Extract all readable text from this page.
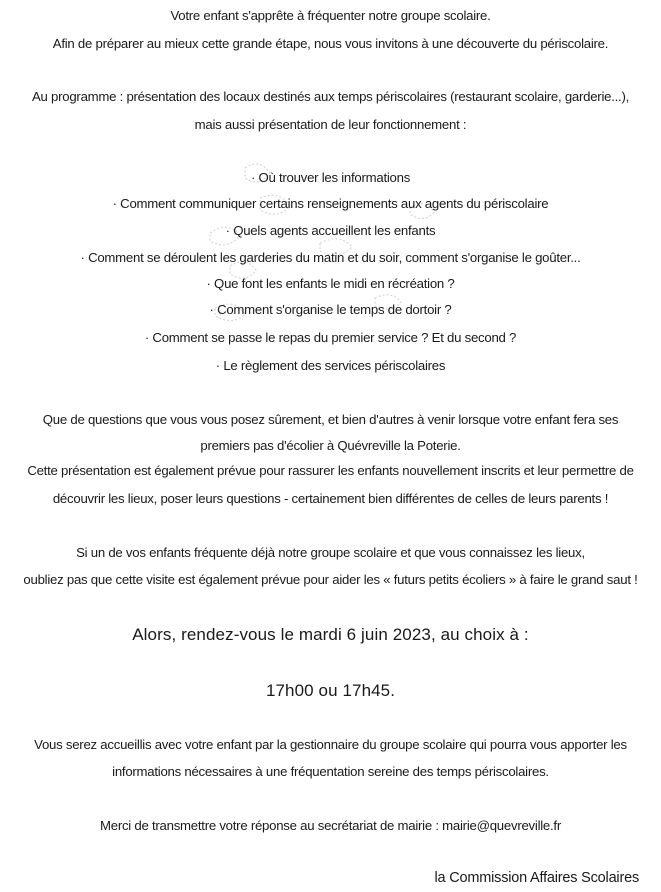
Votre enfant s'apprête à fréquenter notre groupe scolaire.
Afin de préparer au mieux cette grande étape, nous vous invitons à une découverte du périscolaire.
Au programme : présentation des locaux destinés aux temps périscolaires (restaurant scolaire, garderie...),
mais aussi présentation de leur fonctionnement :
· Où trouver les informations
· Comment communiquer certains renseignements aux agents du périscolaire
· Quels agents accueillent les enfants
· Comment se déroulent les garderies du matin et du soir, comment s'organise le goûter...
· Que font les enfants le midi en récréation ?
· Comment s'organise le temps de dortoir ?
· Comment se passe le repas du premier service ? Et du second ?
· Le règlement des services périscolaires
Que de questions que vous vous posez sûrement, et bien d'autres à venir lorsque votre enfant fera ses
premiers pas d'écolier à Quévreville la Poterie.
Cette présentation est également prévue pour rassurer les enfants nouvellement inscrits et leur permettre de
découvrir les lieux, poser leurs questions - certainement bien différentes de celles de leurs parents !
Si un de vos enfants fréquente déjà notre groupe scolaire et que vous connaissez les lieux,
oubliez pas que cette visite est également prévue pour aider les « futurs petits écoliers » à faire le grand saut !
Alors, rendez-vous le mardi 6 juin 2023, au choix à :
17h00 ou 17h45.
Vous serez accueillis avec votre enfant par la gestionnaire du groupe scolaire qui pourra vous apporter les
informations nécessaires à une fréquentation sereine des temps périscolaires.
Merci de transmettre votre réponse au secrétariat de mairie : mairie@quevreville.fr
la Commission Affaires Scolaires
